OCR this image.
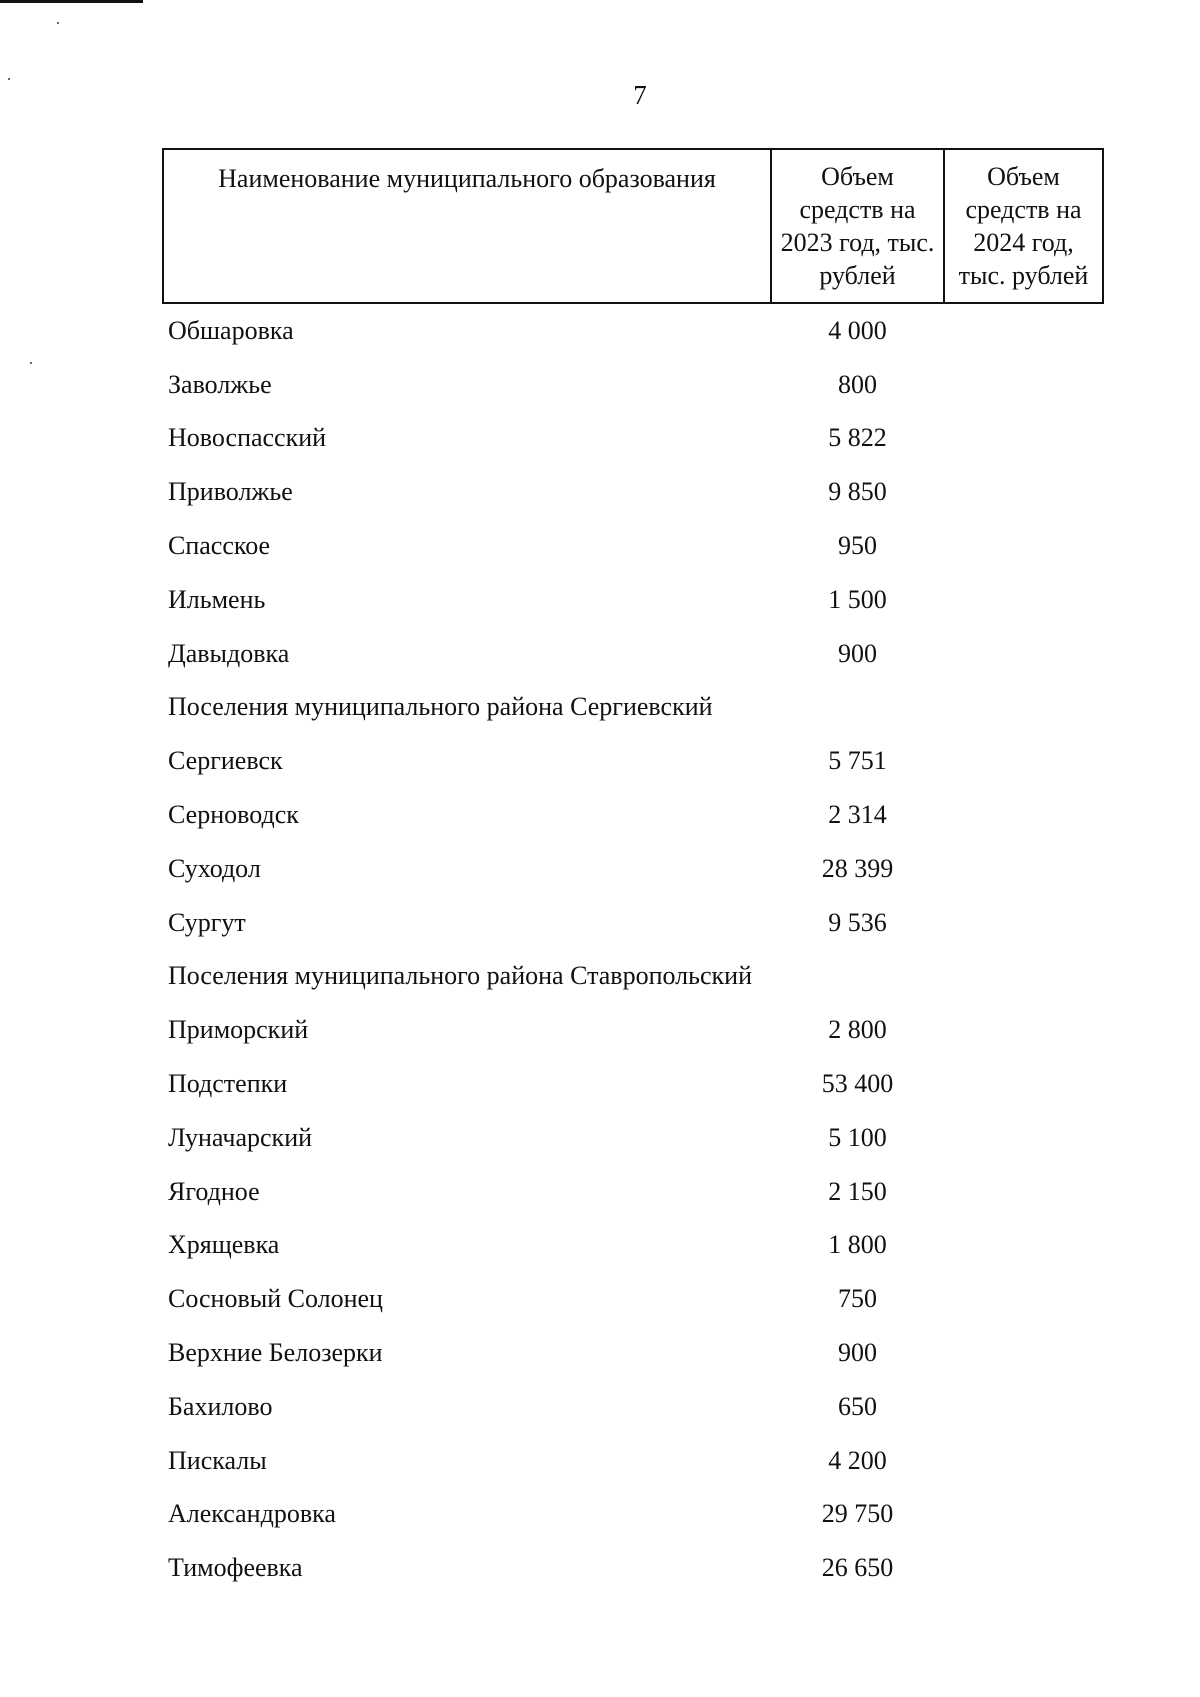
7
Наименование муниципального образования	Объем средств на 2023 год, тыс. рублей	Объем средств на 2024 год, тыс. рублей
Обшаровка	4 000	
Заволжье	800	
Новоспасский	5 822	
Приволжье	9 850	
Спасское	950	
Ильмень	1 500	
Давыдовка	900	
Поселения муниципального района Сергиевский		
Сергиевск	5 751	
Серноводск	2 314	
Суходол	28 399	
Сургут	9 536	
Поселения муниципального района Ставропольский		
Приморский	2 800	
Подстепки	53 400	
Луначарский	5 100	
Ягодное	2 150	
Хрящевка	1 800	
Сосновый Солонец	750	
Верхние Белозерки	900	
Бахилово	650	
Пискалы	4 200	
Александровка	29 750	
Тимофеевка	26 650	
